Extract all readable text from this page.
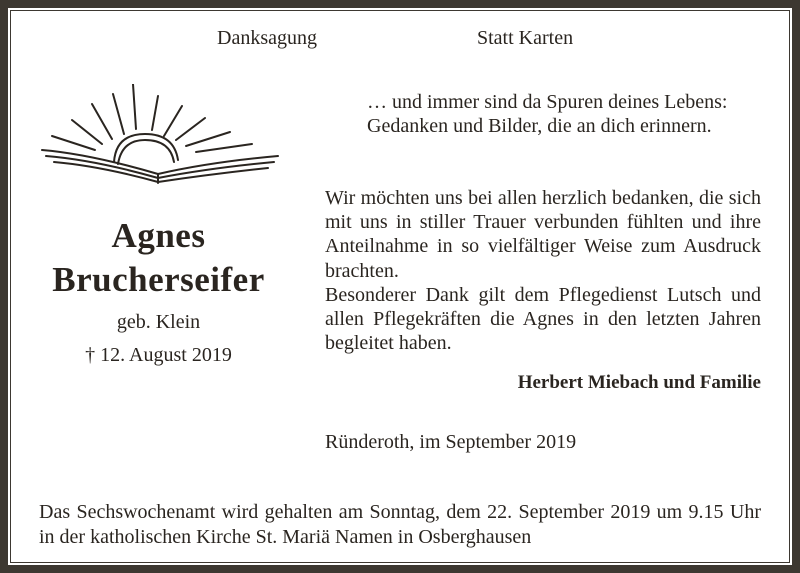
Danksagung	Statt Karten
… und immer sind da Spuren deines Lebens:
Gedanken und Bilder, die an dich erinnern.
Agnes
Brucherseifer
geb. Klein
† 12. August 2019

Wir möchten uns bei allen herzlich bedanken, die sich mit uns in stiller Trauer verbunden fühlten und ihre Anteilnahme in so vielfältiger Weise zum Ausdruck brachten.

Besonderer Dank gilt dem Pflegedienst Lutsch und allen Pflegekräften die Agnes in den letzten Jahren begleitet haben.

Herbert Miebach und Familie
Ründeroth, im September 2019
Das Sechswochenamt wird gehalten am Sonntag, dem 22. September 2019 um 9.15 Uhr in der katholischen Kirche St. Mariä Namen in Osberghausen
